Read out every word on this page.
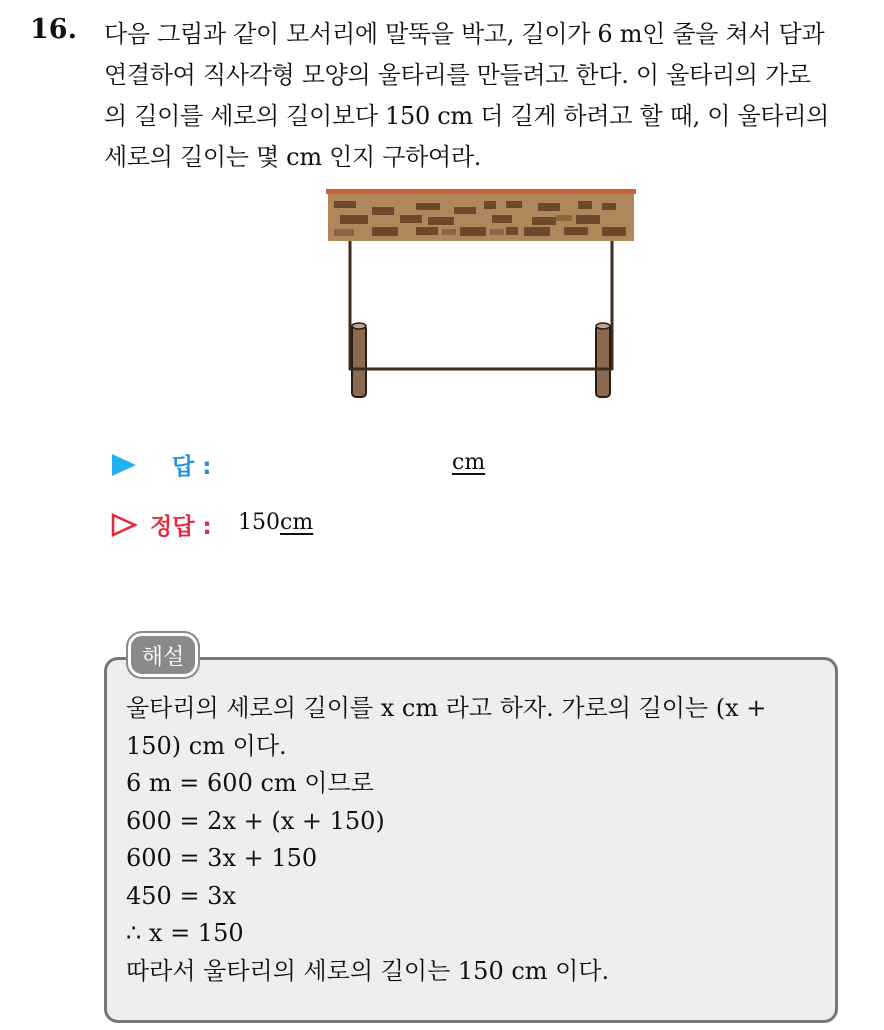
16. 다음 그림과 같이 모서리에 말뚝을 박고, 길이가 6 m인 줄을 쳐서 담과
연결하여 직사각형 모양의 울타리를 만들려고 한다. 이 울타리의 가로
의 길이를 세로의 길이보다 150 cm 더 길게 하려고 할 때, 이 울타리의
세로의 길이는 몇 cm 인지 구하여라.
답 :	cm
정답 : 150cm
해설
울타리의 세로의 길이를 x cm 라고 하자. 가로의 길이는 (x +
150) cm 이다.
6 m = 600 cm 이므로
600 = 2x + (x + 150)
600 = 3x + 150
450 = 3x
∴ x = 150
따라서 울타리의 세로의 길이는 150 cm 이다.
